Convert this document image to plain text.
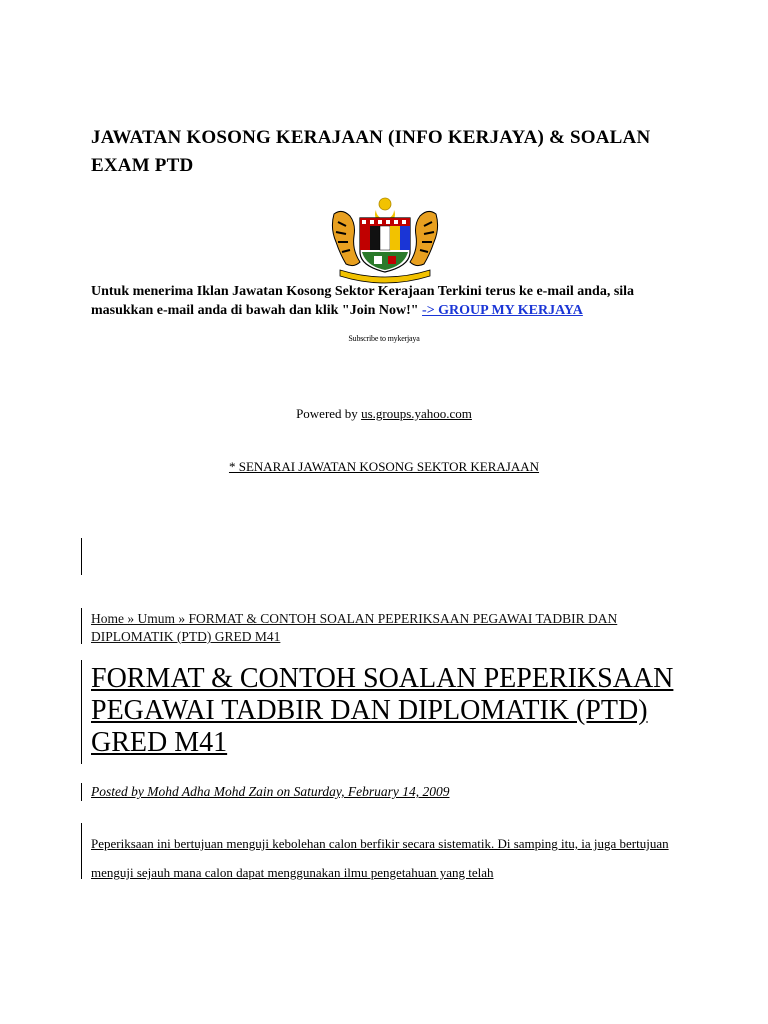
JAWATAN KOSONG KERAJAAN (INFO KERJAYA) & SOALAN EXAM PTD
Untuk menerima Iklan Jawatan Kosong Sektor Kerajaan Terkini terus ke e-mail anda, sila masukkan e-mail anda di bawah dan klik "Join Now!" -> GROUP MY KERJAYA
Subscribe to mykerjaya
Powered by us.groups.yahoo.com
* SENARAI JAWATAN KOSONG SEKTOR KERAJAAN
Home » Umum » FORMAT & CONTOH SOALAN PEPERIKSAAN PEGAWAI TADBIR DAN DIPLOMATIK (PTD) GRED M41
FORMAT & CONTOH SOALAN PEPERIKSAAN PEGAWAI TADBIR DAN DIPLOMATIK (PTD) GRED M41
Posted by Mohd Adha Mohd Zain on Saturday, February 14, 2009
Peperiksaan ini bertujuan menguji kebolehan calon berfikir secara sistematik. Di samping itu, ia juga bertujuan menguji sejauh mana calon dapat menggunakan ilmu pengetahuan yang telah
